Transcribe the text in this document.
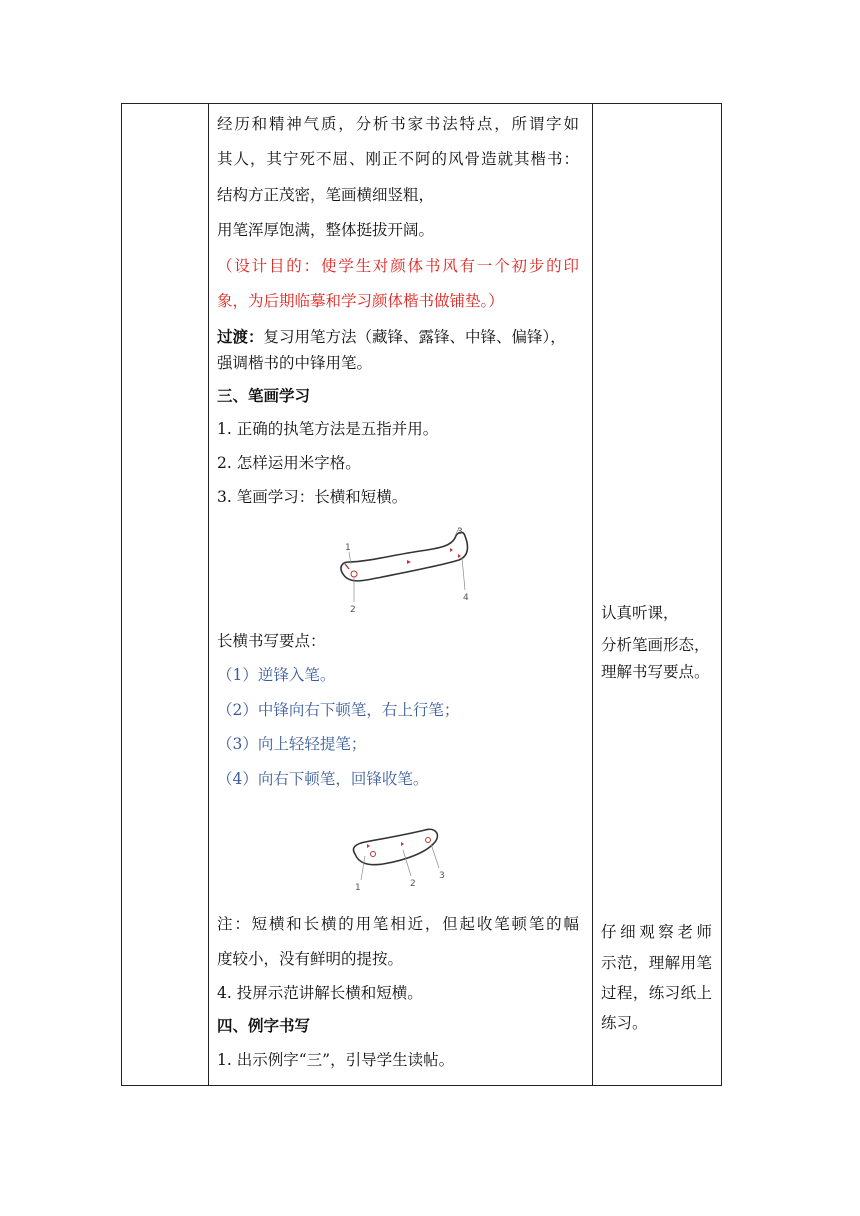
经历和精神气质，分析书家书法特点，所谓字如
其人，其宁死不屈、刚正不阿的风骨造就其楷书：
结构方正茂密，笔画横细竖粗，
用笔浑厚饱满，整体挺拔开阔。
（设计目的：使学生对颜体书风有一个初步的印
象，为后期临摹和学习颜体楷书做铺垫。）
过渡：复习用笔方法（藏锋、露锋、中锋、偏锋），
强调楷书的中锋用笔。
三、笔画学习
1. 正确的执笔方法是五指并用。
2. 怎样运用米字格。
3. 笔画学习：长横和短横。
1
2
3
4
长横书写要点：
（1）逆锋入笔。
（2）中锋向右下顿笔，右上行笔；
（3）向上轻轻提笔；
（4）向右下顿笔，回锋收笔。
1	2
3
注：短横和长横的用笔相近，但起收笔顿笔的幅
度较小，没有鲜明的提按。
4. 投屏示范讲解长横和短横。
四、例字书写
1. 出示例字“三”，引导学生读帖。
认真听课，
分析笔画形态，
理解书写要点。
仔细观察老师
示范，理解用笔
过程，练习纸上
练习。
